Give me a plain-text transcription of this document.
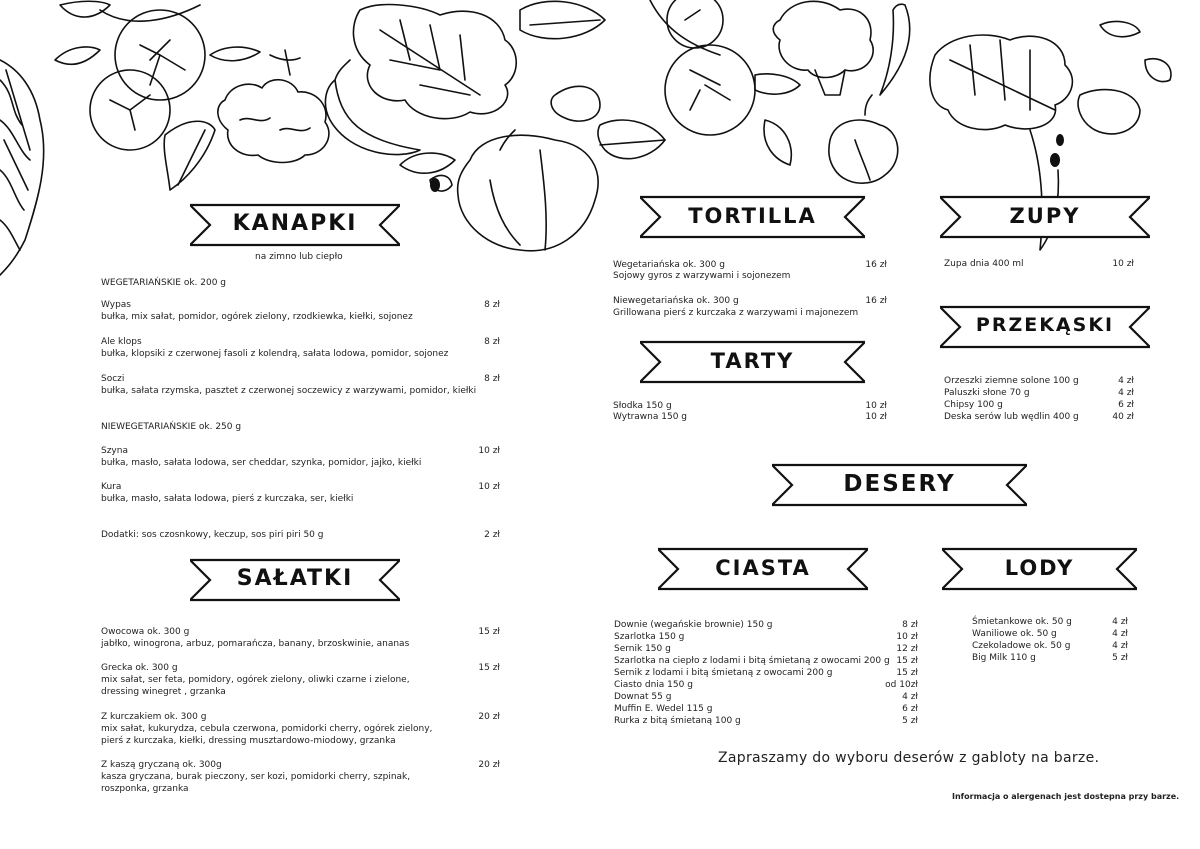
KANAPKI
na zimno lub ciepło
WEGETARIAŃSKIE ok. 200 g
Wypas	8 zł
bułka, mix sałat, pomidor, ogórek zielony, rzodkiewka, kiełki, sojonez
Ale klops	8 zł
bułka, klopsiki z czerwonej fasoli z kolendrą, sałata lodowa, pomidor, sojonez
Soczi	8 zł
bułka, sałata rzymska, pasztet z czerwonej soczewicy z warzywami, pomidor, kiełki
NIEWEGETARIAŃSKIE ok. 250 g
Szyna	10 zł
bułka, masło, sałata lodowa, ser cheddar, szynka, pomidor, jajko, kiełki
Kura	10 zł
bułka, masło, sałata lodowa, pierś z kurczaka, ser, kiełki
Dodatki: sos czosnkowy, keczup, sos piri piri 50 g	2 zł
SAŁATKI
Owocowa ok. 300 g	15 zł
jabłko, winogrona, arbuz, pomarańcza, banany, brzoskwinie, ananas
Grecka ok. 300 g	15 zł
mix sałat, ser feta, pomidory, ogórek zielony, oliwki czarne i zielone,
dressing winegret , grzanka
Z kurczakiem ok. 300 g	20 zł
mix sałat, kukurydza, cebula czerwona, pomidorki cherry, ogórek zielony,
pierś z kurczaka, kiełki, dressing musztardowo-miodowy, grzanka
Z kaszą gryczaną ok. 300g	20 zł
kasza gryczana, burak pieczony, ser kozi, pomidorki cherry, szpinak,
roszponka, grzanka
TORTILLA
Wegetariańska ok. 300 g	16 zł
Sojowy gyros z warzywami i sojonezem
Niewegetariańska ok. 300 g	16 zł
Grillowana pierś z kurczaka z warzywami i majonezem
TARTY
Słodka 150 g	10 zł
Wytrawna 150 g	10 zł
ZUPY
Zupa dnia 400 ml	10 zł
PRZEKĄSKI
Orzeszki ziemne solone 100 g	4 zł
Paluszki słone 70 g	4 zł
Chipsy 100 g	6 zł
Deska serów lub wędlin 400 g	40 zł
DESERY
CIASTA
Downie (wegańskie brownie) 150 g	8 zł
Szarlotka 150 g	10 zł
Sernik 150 g	12 zł
Szarlotka na ciepło z lodami i bitą śmietaną z owocami 200 g 15 zł
Sernik z lodami i bitą śmietaną z owocami 200 g	15 zł
Ciasto dnia 150 g	od 10zł
Downat 55 g	4 zł
Muffin E. Wedel 115 g	6 zł
Rurka z bitą śmietaną 100 g	5 zł
LODY
Śmietankowe ok. 50 g	4 zł
Waniliowe ok. 50 g	4 zł
Czekoladowe ok. 50 g	4 zł
Big Milk 110 g	5 zł
Zapraszamy do wyboru deserów z gabloty na barze.
Informacja o alergenach jest dostepna przy barze.
